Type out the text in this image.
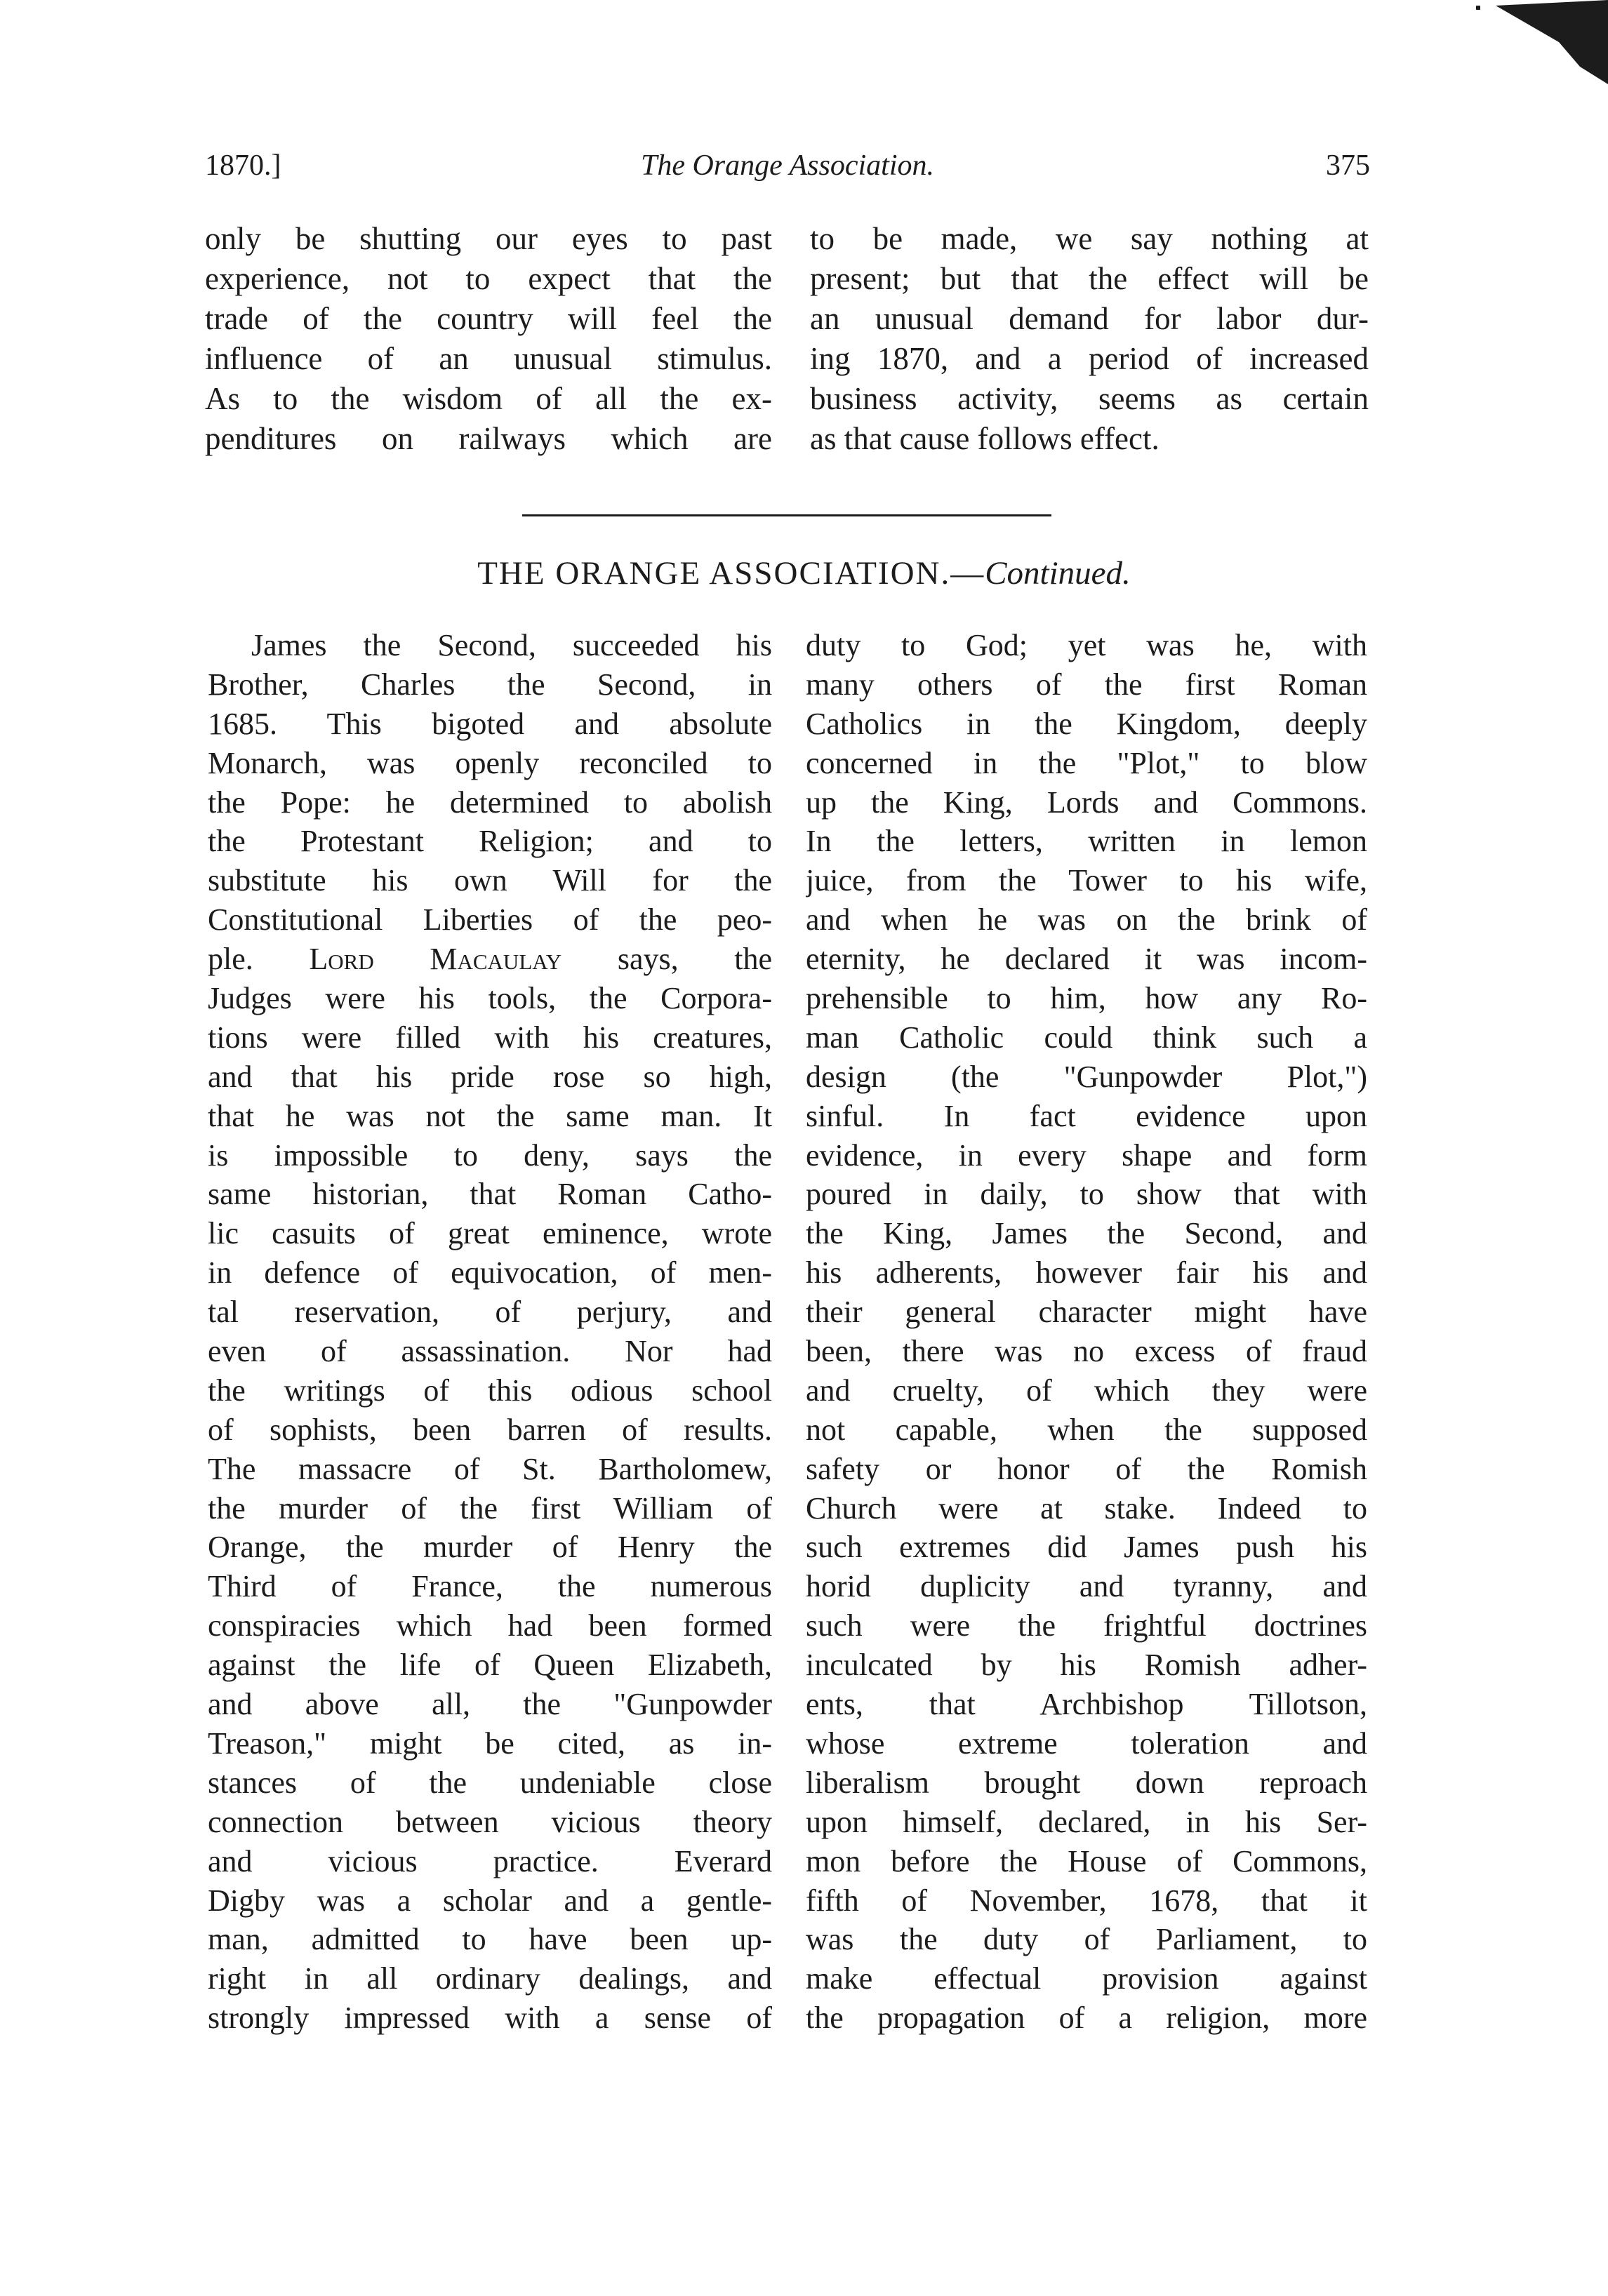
1870.]	The Orange Association.	375
only be shutting our eyes to past
experience, not to expect that the
trade of the country will feel the
influence of an unusual stimulus.
As to the wisdom of all the ex-
penditures on railways which are
to be made, we say nothing at
present; but that the effect will be
an unusual demand for labor dur-
ing 1870, and a period of increased
business activity, seems as certain
as that cause follows effect.
THE ORANGE ASSOCIATION.—Continued.
James the Second, succeeded his
Brother, Charles the Second, in
1685. This bigoted and absolute
Monarch, was openly reconciled to
the Pope: he determined to abolish
the Protestant Religion; and to
substitute his own Will for the
Constitutional Liberties of the peo-
ple. Lord Macaulay says, the
Judges were his tools, the Corpora-
tions were filled with his creatures,
and that his pride rose so high,
that he was not the same man. It
is impossible to deny, says the
same historian, that Roman Catho-
lic casuits of great eminence, wrote
in defence of equivocation, of men-
tal reservation, of perjury, and
even of assassination. Nor had
the writings of this odious school
of sophists, been barren of results.
The massacre of St. Bartholomew,
the murder of the first William of
Orange, the murder of Henry the
Third of France, the numerous
conspiracies which had been formed
against the life of Queen Elizabeth,
and above all, the "Gunpowder
Treason," might be cited, as in-
stances of the undeniable close
connection between vicious theory
and vicious practice. Everard
Digby was a scholar and a gentle-
man, admitted to have been up-
right in all ordinary dealings, and
strongly impressed with a sense of
duty to God; yet was he, with
many others of the first Roman
Catholics in the Kingdom, deeply
concerned in the "Plot," to blow
up the King, Lords and Commons.
In the letters, written in lemon
juice, from the Tower to his wife,
and when he was on the brink of
eternity, he declared it was incom-
prehensible to him, how any Ro-
man Catholic could think such a
design (the "Gunpowder Plot,")
sinful. In fact evidence upon
evidence, in every shape and form
poured in daily, to show that with
the King, James the Second, and
his adherents, however fair his and
their general character might have
been, there was no excess of fraud
and cruelty, of which they were
not capable, when the supposed
safety or honor of the Romish
Church were at stake. Indeed to
such extremes did James push his
horid duplicity and tyranny, and
such were the frightful doctrines
inculcated by his Romish adher-
ents, that Archbishop Tillotson,
whose extreme toleration and
liberalism brought down reproach
upon himself, declared, in his Ser-
mon before the House of Commons,
fifth of November, 1678, that it
was the duty of Parliament, to
make effectual provision against
the propagation of a religion, more
